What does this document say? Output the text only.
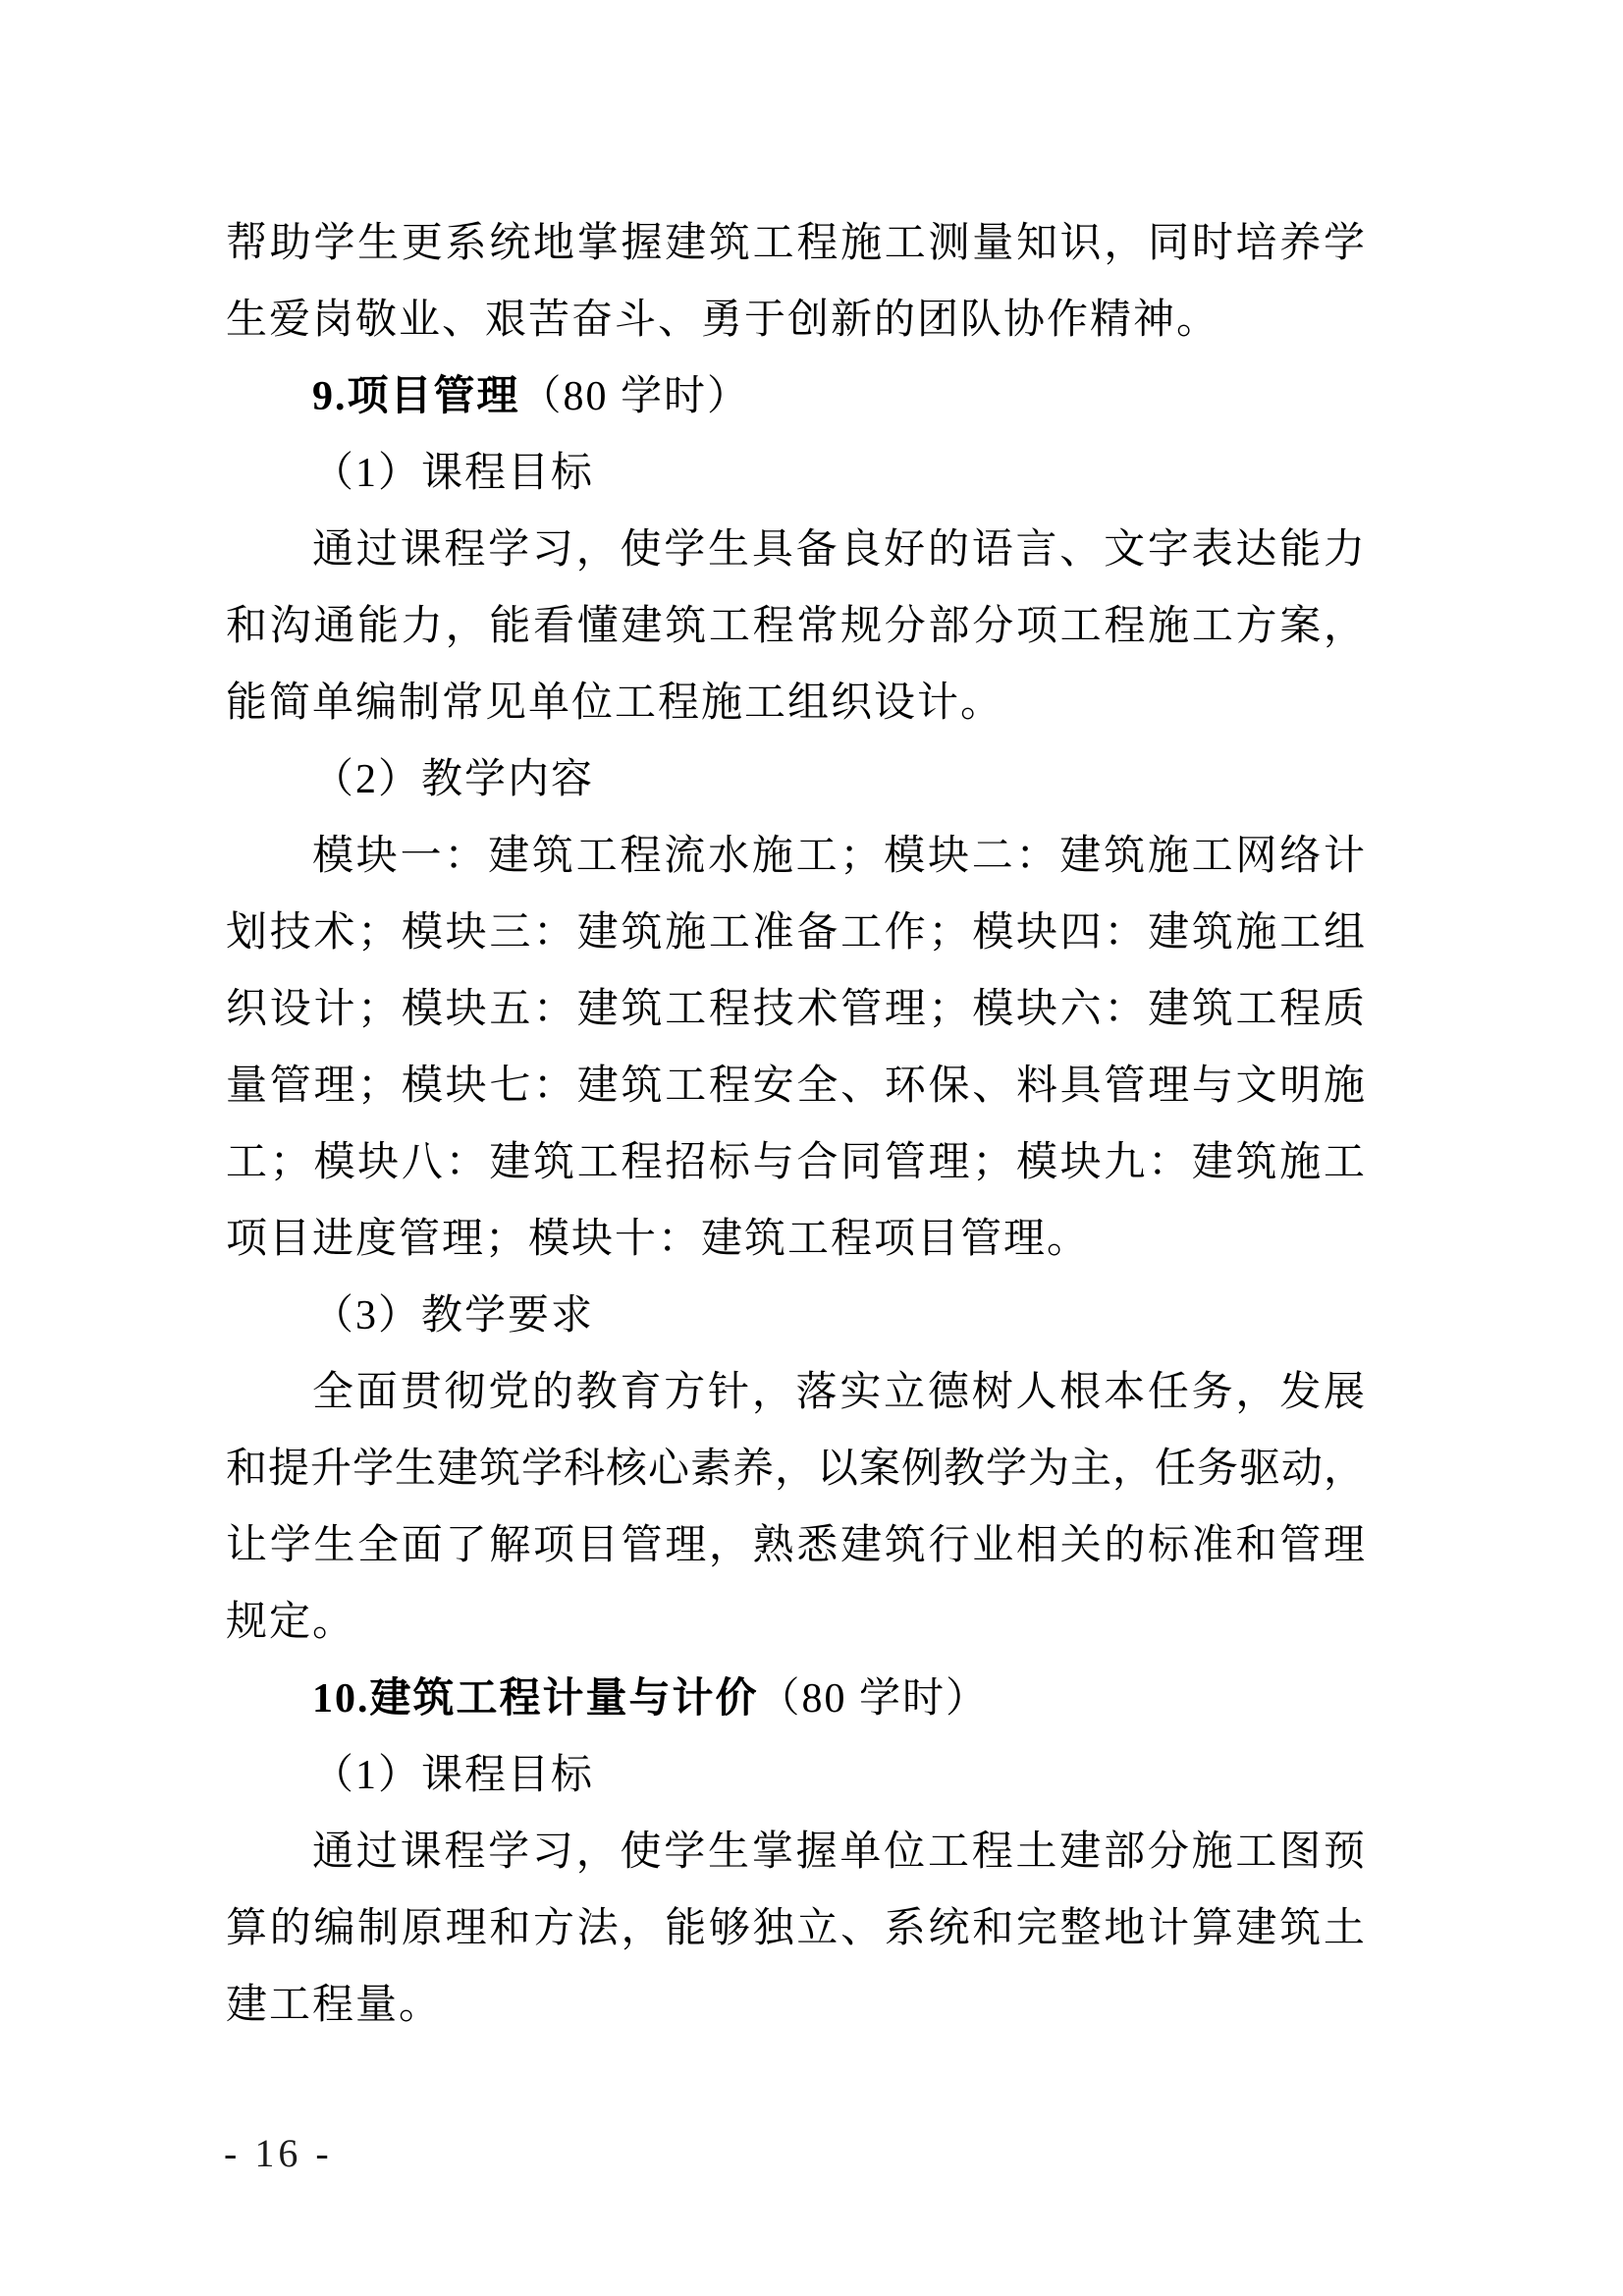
帮助学生更系统地掌握建筑工程施工测量知识，同时培养学
生爱岗敬业、艰苦奋斗、勇于创新的团队协作精神。
9.项目管理（80 学时）
（1）课程目标
通过课程学习，使学生具备良好的语言、文字表达能力
和沟通能力，能看懂建筑工程常规分部分项工程施工方案，
能简单编制常见单位工程施工组织设计。
（2）教学内容
模块一：建筑工程流水施工；模块二：建筑施工网络计
划技术；模块三：建筑施工准备工作；模块四：建筑施工组
织设计；模块五：建筑工程技术管理；模块六：建筑工程质
量管理；模块七：建筑工程安全、环保、料具管理与文明施
工；模块八：建筑工程招标与合同管理；模块九：建筑施工
项目进度管理；模块十：建筑工程项目管理。
（3）教学要求
全面贯彻党的教育方针，落实立德树人根本任务，发展
和提升学生建筑学科核心素养，以案例教学为主，任务驱动，
让学生全面了解项目管理，熟悉建筑行业相关的标准和管理
规定。
10.建筑工程计量与计价（80 学时）
（1）课程目标
通过课程学习，使学生掌握单位工程土建部分施工图预
算的编制原理和方法，能够独立、系统和完整地计算建筑土
建工程量。
- 16 -
